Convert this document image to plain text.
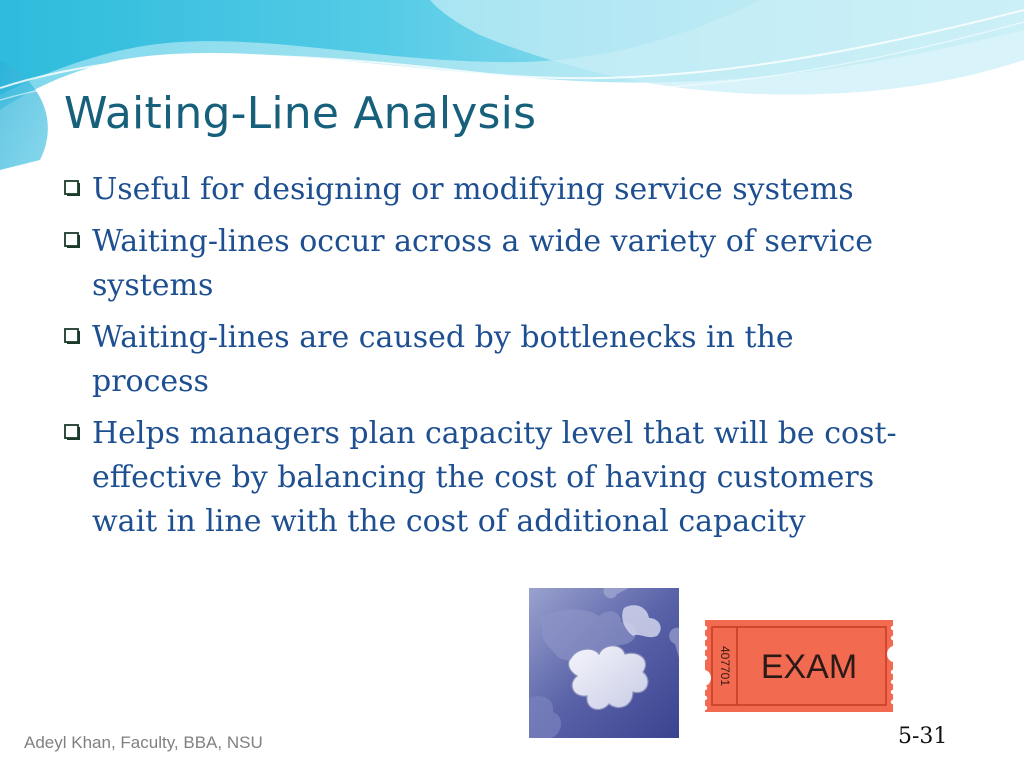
Waiting-Line Analysis
Useful for designing or modifying service systems
Waiting-lines occur across a wide variety of service systems
Waiting-lines are caused by bottlenecks in the process
Helps managers plan capacity level that will be cost-effective by balancing the cost of having customers wait in line with the cost of additional capacity
407701 EXAM
Adeyl Khan, Faculty, BBA, NSU	5-31
